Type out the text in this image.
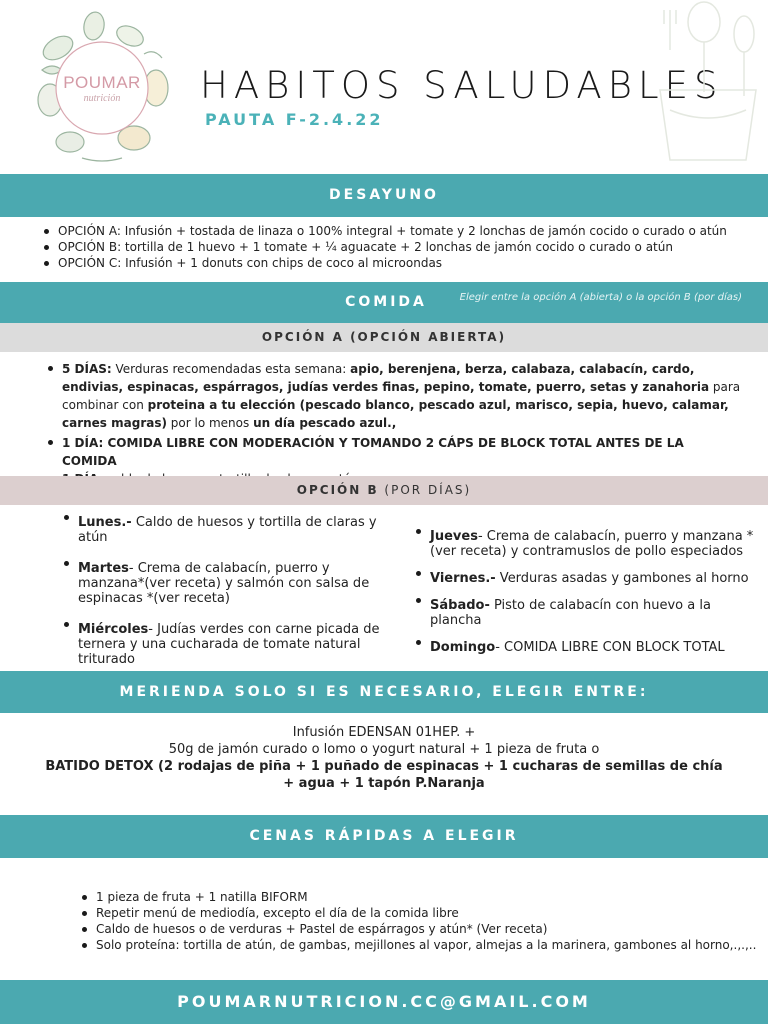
POUMAR
nutrición HABITOS SALUDABLES
PAUTA F-2.4.22
DESAYUNO
OPCIÓN A: Infusión + tostada de linaza o 100% integral + tomate y 2 lonchas de jamón cocido o curado o atún
OPCIÓN B: tortilla de 1 huevo + 1 tomate + ¼ aguacate + 2 lonchas de jamón cocido o curado o atún
OPCIÓN C: Infusión + 1 donuts con chips de coco al microondas
COMIDA	Elegir entre la opción A (abierta) o la opción B (por días)
OPCIÓN A (OPCIÓN ABIERTA)
5 DÍAS: Verduras recomendadas esta semana: apio, berenjena, berza, calabaza, calabacín, cardo, endivias, espinacas, espárragos, judías verdes finas, pepino, tomate, puerro, setas y zanahoria para combinar con proteina a tu elección (pescado blanco, pescado azul, marisco, sepia, huevo, calamar, carnes magras) por lo menos un día pescado azul.,
1 DÍA: COMIDA LIBRE CON MODERACIÓN Y TOMANDO 2 CÁPS DE BLOCK TOTAL ANTES DE LA COMIDA
OPCIÓN B (POR DÍAS)
Lunes.- Caldo de huesos y tortilla de claras y atún
Martes- Crema de calabacín, puerro y manzana*(ver receta) y salmón con salsa de espinacas *(ver receta)
Miércoles- Judías verdes con carne picada de ternera y una cucharada de tomate natural triturado
Jueves- Crema de calabacín, puerro y manzana *(ver receta) y contramuslos de pollo especiados
Viernes.- Verduras asadas y gambones al horno
Sábado- Pisto de calabacín con huevo a la plancha
Domingo- COMIDA LIBRE CON BLOCK TOTAL
MERIENDA SOLO SI ES NECESARIO, ELEGIR ENTRE:
Infusión EDENSAN 01HEP. +
50g de jamón curado o lomo o yogurt natural + 1 pieza de fruta o
BATIDO DETOX (2 rodajas de piña + 1 puñado de espinacas + 1 cucharas de semillas de chía + agua + 1 tapón P.Naranja
CENAS RÁPIDAS A ELEGIR
1 pieza de fruta + 1 natilla BIFORM
Repetir menú de mediodía, excepto el día de la comida libre
Caldo de huesos o de verduras + Pastel de espárragos y atún* (Ver receta)
Solo proteína: tortilla de atún, de gambas, mejillones al vapor, almejas a la marinera, gambones al horno,.,.,..
POUMARNUTRICION.CC@GMAIL.COM
